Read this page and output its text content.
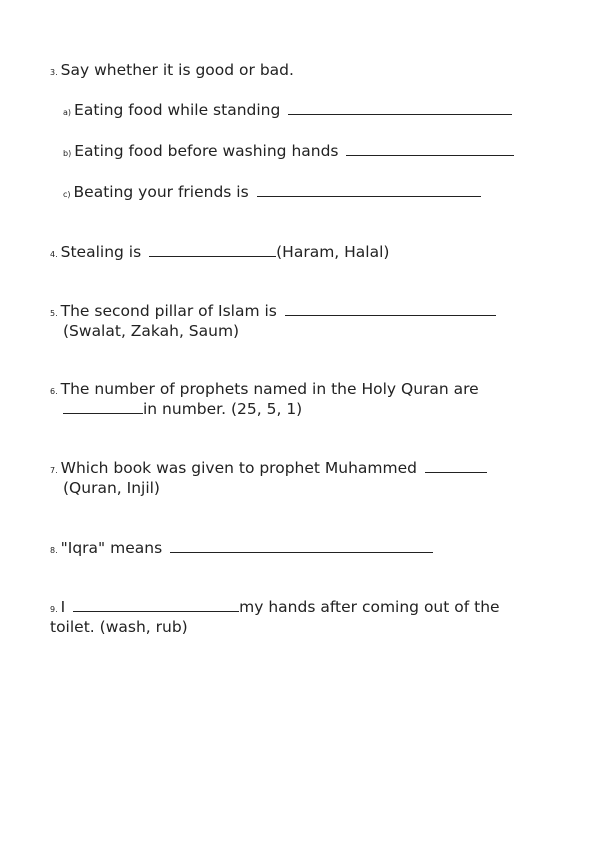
3. Say whether it is good or bad.
a) Eating food while standing
b) Eating food before washing hands
c) Beating your friends is
4. Stealing is	(Haram, Halal)
5. The second pillar of Islam is
(Swalat, Zakah, Saum)
6. The number of prophets named in the Holy Quran are
in number. (25, 5, 1)
7. Which book was given to prophet Muhammed
(Quran, Injil)
8. "Iqra" means
9. I	my hands after coming out of the
toilet. (wash, rub)
